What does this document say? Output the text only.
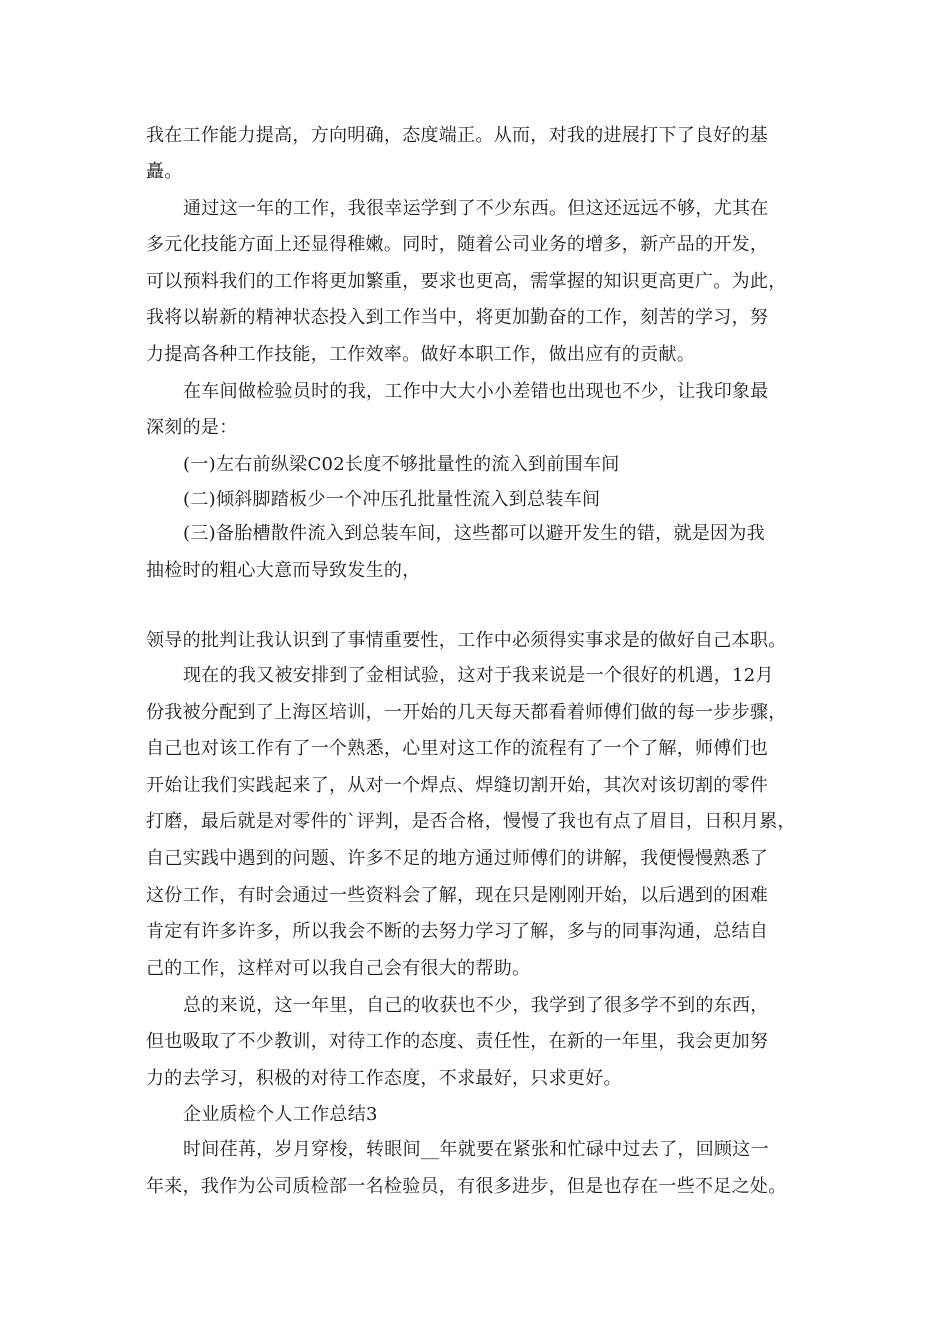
我在工作能力提高，方向明确，态度端正。从而，对我的进展打下了良好的基
矗。
通过这一年的工作，我很幸运学到了不少东西。但这还远远不够，尤其在
多元化技能方面上还显得稚嫩。同时，随着公司业务的增多，新产品的开发，
可以预料我们的工作将更加繁重，要求也更高，需掌握的知识更高更广。为此，
我将以崭新的精神状态投入到工作当中，将更加勤奋的工作，刻苦的学习，努
力提高各种工作技能，工作效率。做好本职工作，做出应有的贡献。
在车间做检验员时的我，工作中大大小小差错也出现也不少，让我印象最
深刻的是：
(一)左右前纵梁C02长度不够批量性的流入到前围车间
(二)倾斜脚踏板少一个冲压孔批量性流入到总装车间
(三)备胎槽散件流入到总装车间，这些都可以避开发生的错，就是因为我
抽检时的粗心大意而导致发生的，
领导的批判让我认识到了事情重要性，工作中必须得实事求是的做好自己本职。
现在的我又被安排到了金相试验，这对于我来说是一个很好的机遇，12月
份我被分配到了上海区培训，一开始的几天每天都看着师傅们做的每一步步骤，
自己也对该工作有了一个熟悉，心里对这工作的流程有了一个了解，师傅们也
开始让我们实践起来了，从对一个焊点、焊缝切割开始，其次对该切割的零件
打磨，最后就是对零件的`评判，是否合格，慢慢了我也有点了眉目，日积月累，
自己实践中遇到的问题、许多不足的地方通过师傅们的讲解，我便慢慢熟悉了
这份工作，有时会通过一些资料会了解，现在只是刚刚开始，以后遇到的困难
肯定有许多许多，所以我会不断的去努力学习了解，多与的同事沟通，总结自
己的工作，这样对可以我自己会有很大的帮助。
总的来说，这一年里，自己的收获也不少，我学到了很多学不到的东西，
但也吸取了不少教训，对待工作的态度、责任性，在新的一年里，我会更加努
力的去学习，积极的对待工作态度，不求最好，只求更好。
企业质检个人工作总结3
时间荏苒，岁月穿梭，转眼间__年就要在紧张和忙碌中过去了，回顾这一
年来，我作为公司质检部一名检验员，有很多进步，但是也存在一些不足之处。
